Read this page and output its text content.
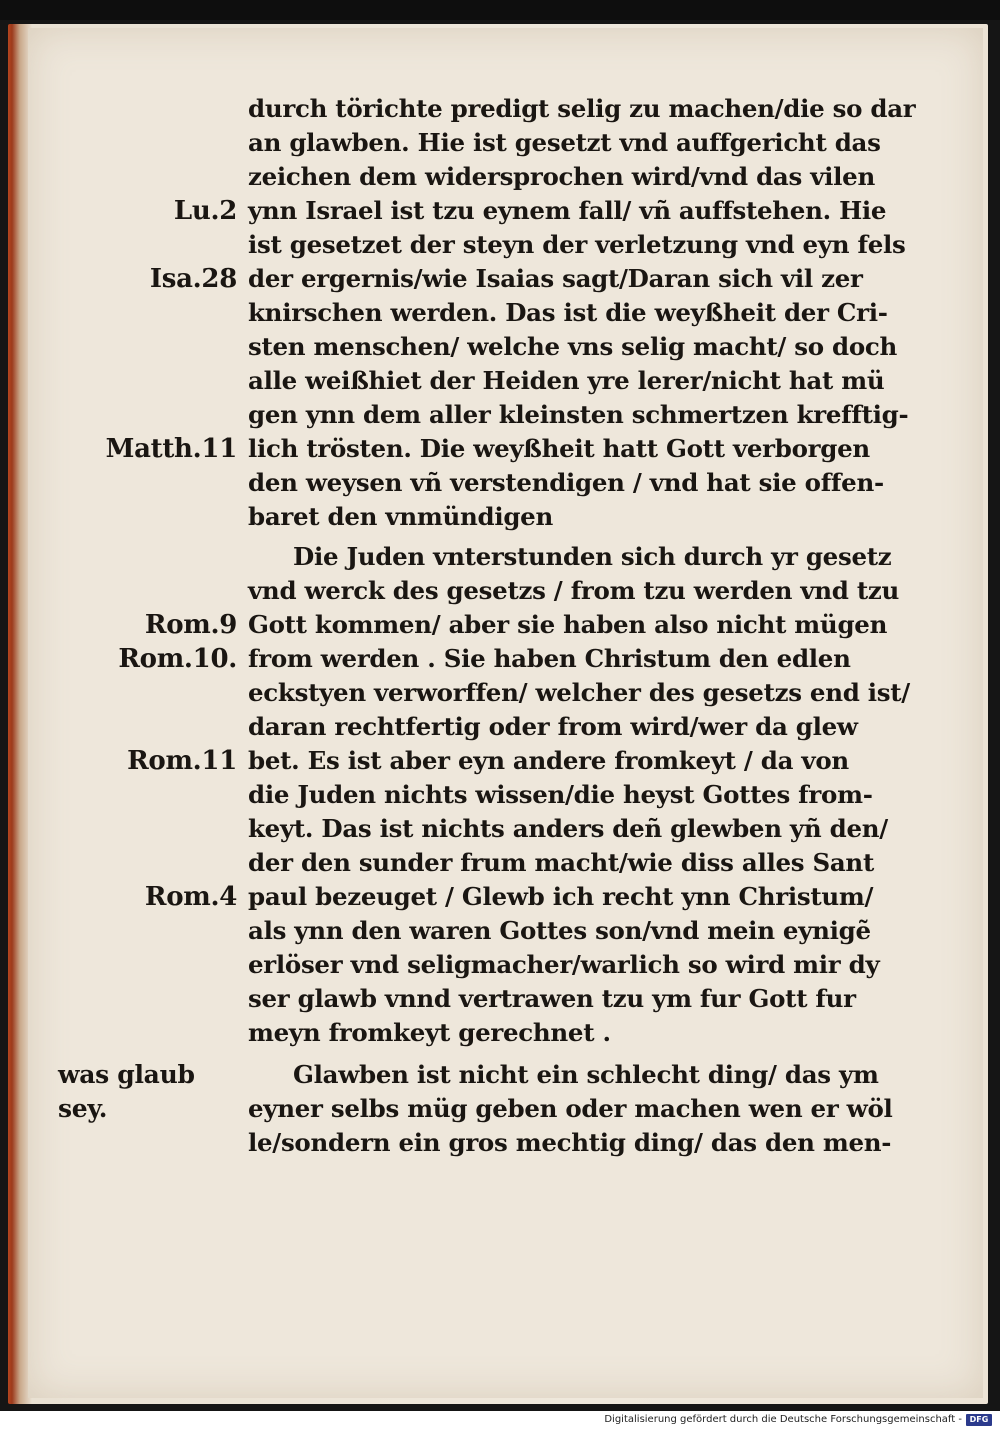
durch törichte predigt selig zu machen/die so dar
an glawben. Hie ist gesetzt vnd auffgericht das
zeichen dem widersprochen wird/vnd das vilen
ynn Israel ist tzu eynem fall/ vñ auffstehen. Hie
ist gesetzet der steyn der verletzung vnd eyn fels
der ergernis/wie Isaias sagt/Daran sich vil zer
knirschen werden. Das ist die weyßheit der Cri-
sten menschen/ welche vns selig macht/ so doch
alle weißhiet der Heiden yre lerer/nicht hat mü
gen ynn dem aller kleinsten schmertzen krefftig-
lich trösten. Die weyßheit hatt Gott verborgen
den weysen vñ verstendigen / vnd hat sie offen-
baret den vnmündigen
Die Juden vnterstunden sich durch yr gesetz
vnd werck des gesetzs / from tzu werden vnd tzu
Gott kommen/ aber sie haben also nicht mügen
from werden . Sie haben Christum den edlen
eckstyen verworffen/ welcher des gesetzs end ist/
daran rechtfertig oder from wird/wer da glew
bet. Es ist aber eyn andere fromkeyt / da von
die Juden nichts wissen/die heyst Gottes from-
keyt. Das ist nichts anders deñ glewben yñ den/
der den sunder frum macht/wie diss alles Sant
paul bezeuget / Glewb ich recht ynn Christum/
als ynn den waren Gottes son/vnd mein eynigẽ
erlöser vnd seligmacher/warlich so wird mir dy
ser glawb vnnd vertrawen tzu ym fur Gott fur
meyn fromkeyt gerechnet .
Glawben ist nicht ein schlecht ding/ das ym
eyner selbs müg geben oder machen wen er wöl
le/sondern ein gros mechtig ding/ das den men-
Lu.2
Isa.28
Matth.11
Rom.9
Rom.10.
Rom.11
Rom.4
was glaub
sey.
Digitalisierung gefördert durch die Deutsche Forschungsgemeinschaft - DFG
